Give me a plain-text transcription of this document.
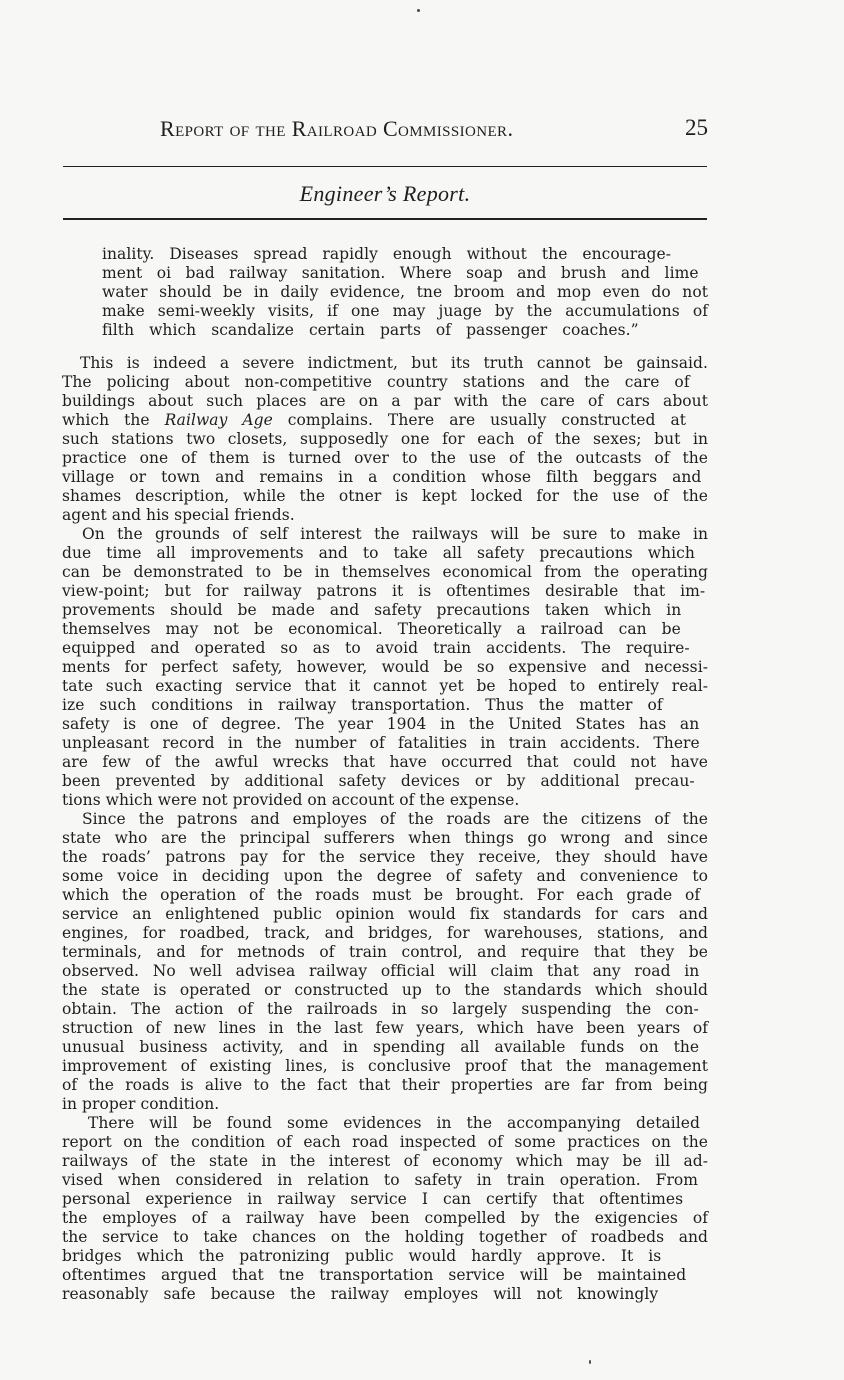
Report of the Railroad Commissioner.	25
Engineer’s Report.
inality. Diseases spread rapidly enough without the encourage-
ment oi bad railway sanitation. Where soap and brush and lime
water should be in daily evidence, tne broom and mop even do not
make semi-weekly visits, if one may juage by the accumulations of
filth which scandalize certain parts of passenger coaches.”
This is indeed a severe indictment, but its truth cannot be gainsaid.
The policing about non-competitive country stations and the care of
buildings about such places are on a par with the care of cars about
which the Railway Age complains. There are usually constructed at
such stations two closets, supposedly one for each of the sexes; but in
practice one of them is turned over to the use of the outcasts of the
village or town and remains in a condition whose filth beggars and
shames description, while the otner is kept locked for the use of the
agent and his special friends.
On the grounds of self interest the railways will be sure to make in
due time all improvements and to take all safety precautions which
can be demonstrated to be in themselves economical from the operating
view-point; but for railway patrons it is oftentimes desirable that im-
provements should be made and safety precautions taken which in
themselves may not be economical. Theoretically a railroad can be
equipped and operated so as to avoid train accidents. The require-
ments for perfect safety, however, would be so expensive and necessi-
tate such exacting service that it cannot yet be hoped to entirely real-
ize such conditions in railway transportation. Thus the matter of
safety is one of degree. The year 1904 in the United States has an
unpleasant record in the number of fatalities in train accidents. There
are few of the awful wrecks that have occurred that could not have
been prevented by additional safety devices or by additional precau-
tions which were not provided on account of the expense.
Since the patrons and employes of the roads are the citizens of the
state who are the principal sufferers when things go wrong and since
the roads’ patrons pay for the service they receive, they should have
some voice in deciding upon the degree of safety and convenience to
which the operation of the roads must be brought. For each grade of
service an enlightened public opinion would fix standards for cars and
engines, for roadbed, track, and bridges, for warehouses, stations, and
terminals, and for metnods of train control, and require that they be
observed. No well advisea railway official will claim that any road in
the state is operated or constructed up to the standards which should
obtain. The action of the railroads in so largely suspending the con-
struction of new lines in the last few years, which have been years of
unusual business activity, and in spending all available funds on the
improvement of existing lines, is conclusive proof that the management
of the roads is alive to the fact that their properties are far from being
in proper condition.
There will be found some evidences in the accompanying detailed
report on the condition of each road inspected of some practices on the
railways of the state in the interest of economy which may be ill ad-
vised when considered in relation to safety in train operation. From
personal experience in railway service I can certify that oftentimes
the employes of a railway have been compelled by the exigencies of
the service to take chances on the holding together of roadbeds and
bridges which the patronizing public would hardly approve. It is
oftentimes argued that tne transportation service will be maintained
reasonably safe because the railway employes will not knowingly
